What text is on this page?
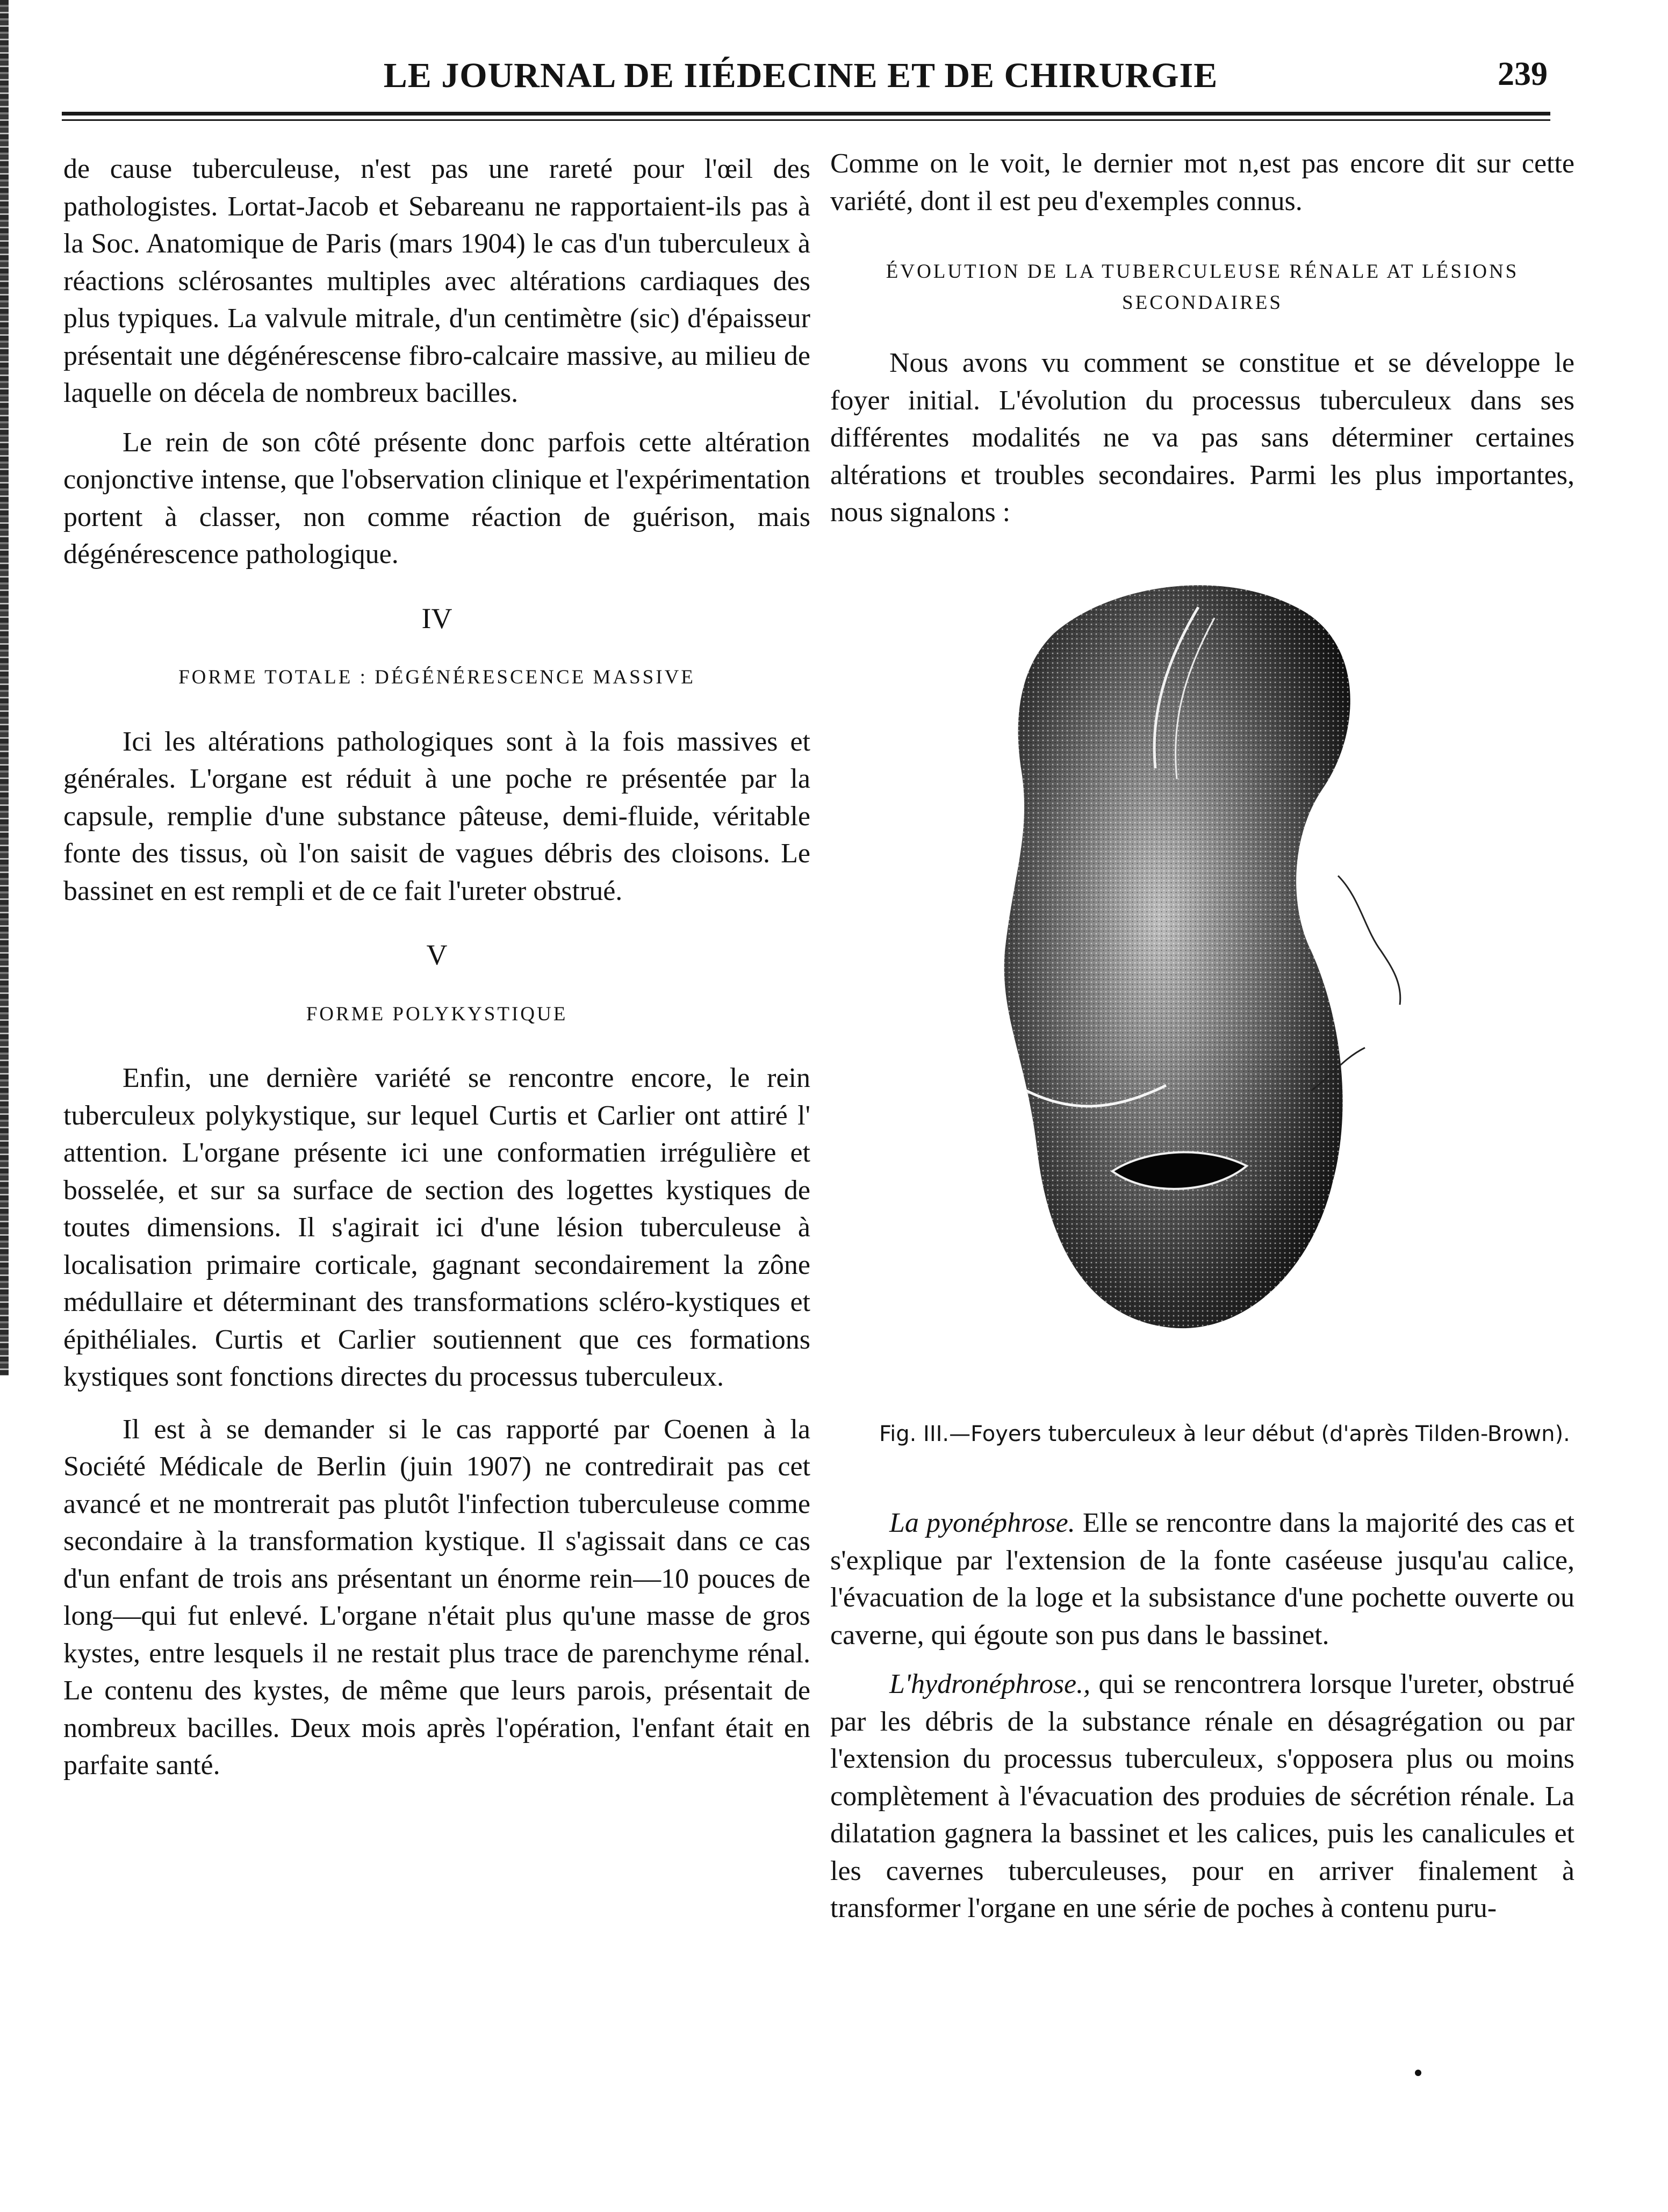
LE JOURNAL DE IIÉDECINE ET DE CHIRURGIE	239

de cause tuberculeuse, n'est pas une rareté pour l'œil des pathologistes. Lortat-Jacob et Sebareanu ne rapportaient-ils pas à la Soc. Anatomique de Paris (mars 1904) le cas d'un tuberculeux à réactions sclérosantes multiples avec altérations cardiaques des plus typiques. La valvule mitrale, d'un centimètre (sic) d'épaisseur présentait une dégénérescense fibro-calcaire massive, au milieu de laquelle on décela de nombreux bacilles.

Le rein de son côté présente donc parfois cette altération conjonctive intense, que l'observation clinique et l'expérimentation portent à classer, non comme réaction de guérison, mais dégénérescence pathologique.

IV
FORME TOTALE : DÉGÉNÉRESCENCE MASSIVE

Ici les altérations pathologiques sont à la fois massives et générales. L'organe est réduit à une poche re présentée par la capsule, remplie d'une substance pâteuse, demi-fluide, véritable fonte des tissus, où l'on saisit de vagues débris des cloisons. Le bassinet en est rempli et de ce fait l'ureter obstrué.

V
FORME POLYKYSTIQUE

Enfin, une dernière variété se rencontre encore, le rein tuberculeux polykystique, sur lequel Curtis et Carlier ont attiré l' attention. L'organe présente ici une conformatien irrégulière et bosselée, et sur sa surface de section des logettes kystiques de toutes dimensions. Il s'agirait ici d'une lésion tuberculeuse à localisation primaire corticale, gagnant secondairement la zône médullaire et déterminant des transformations scléro-kystiques et épithéliales. Curtis et Carlier soutiennent que ces formations kystiques sont fonctions directes du processus tuberculeux.

Il est à se demander si le cas rapporté par Coenen à la Société Médicale de Berlin (juin 1907) ne contredirait pas cet avancé et ne montrerait pas plutôt l'infection tuberculeuse comme secondaire à la transformation kystique. Il s'agissait dans ce cas d'un enfant de trois ans présentant un énorme rein—10 pouces de long—qui fut enlevé. L'organe n'était plus qu'une masse de gros kystes, entre lesquels il ne restait plus trace de parenchyme rénal. Le contenu des kystes, de même que leurs parois, présentait de nombreux bacilles. Deux mois après l'opération, l'enfant était en parfaite santé.

Comme on le voit, le dernier mot n,est pas encore dit sur cette variété, dont il est peu d'exemples connus.

ÉVOLUTION DE LA TUBERCULEUSE RÉNALE AT LÉSIONS SECONDAIRES

Nous avons vu comment se constitue et se développe le foyer initial. L'évolution du processus tuberculeux dans ses différentes modalités ne va pas sans déterminer certaines altérations et troubles secondaires. Parmi les plus importantes, nous signalons :

Fig. III.—Foyers tuberculeux à leur début (d'après Tilden-Brown).

La pyonéphrose. Elle se rencontre dans la majorité des cas et s'explique par l'extension de la fonte caséeuse jusqu'au calice, l'évacuation de la loge et la subsistance d'une pochette ouverte ou caverne, qui égoute son pus dans le bassinet.

L'hydronéphrose., qui se rencontrera lorsque l'ureter, obstrué par les débris de la substance rénale en désagrégation ou par l'extension du processus tuberculeux, s'opposera plus ou moins complètement à l'évacuation des produies de sécrétion rénale. La dilatation gagnera la bassinet et les calices, puis les canalicules et les cavernes tuberculeuses, pour en arriver finalement à transformer l'organe en une série de poches à contenu puru-
